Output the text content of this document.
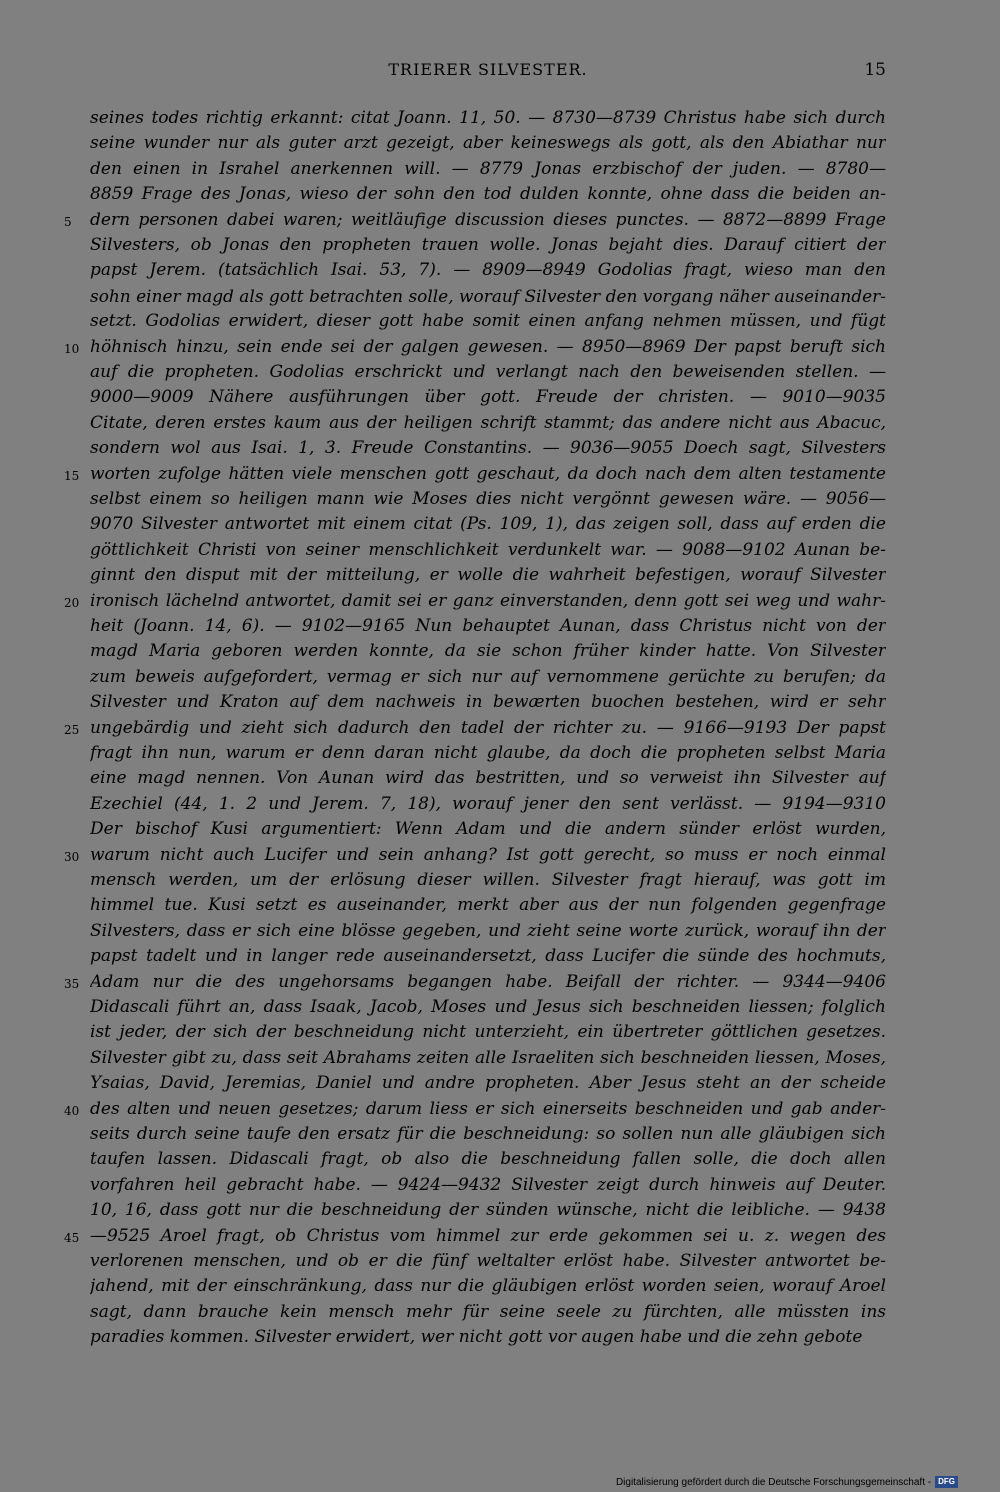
TRIERER SILVESTER.	15
seines todes richtig erkannt: citat Joann. 11, 50. — 8730—8739 Christus habe sich durch
seine wunder nur als guter arzt gezeigt, aber keineswegs als gott, als den Abiathar nur
den einen in Israhel anerkennen will. — 8779 Jonas erzbischof der juden. — 8780—
8859 Frage des Jonas, wieso der sohn den tod dulden konnte, ohne dass die beiden an-
dern personen dabei waren; weitläufige discussion dieses punctes. — 8872—8899 Frage
Silvesters, ob Jonas den propheten trauen wolle. Jonas bejaht dies. Darauf citiert der
papst Jerem. (tatsächlich Isai. 53, 7). — 8909—8949 Godolias fragt, wieso man den
sohn einer magd als gott betrachten solle, worauf Silvester den vorgang näher auseinander-
setzt. Godolias erwidert, dieser gott habe somit einen anfang nehmen müssen, und fügt
höhnisch hinzu, sein ende sei der galgen gewesen. — 8950—8969 Der papst beruft sich
auf die propheten. Godolias erschrickt und verlangt nach den beweisenden stellen. —
9000—9009 Nähere ausführungen über gott. Freude der christen. — 9010—9035
Citate, deren erstes kaum aus der heiligen schrift stammt; das andere nicht aus Abacuc,
sondern wol aus Isai. 1, 3. Freude Constantins. — 9036—9055 Doech sagt, Silvesters
worten zufolge hätten viele menschen gott geschaut, da doch nach dem alten testamente
selbst einem so heiligen mann wie Moses dies nicht vergönnt gewesen wäre. — 9056—
9070 Silvester antwortet mit einem citat (Ps. 109, 1), das zeigen soll, dass auf erden die
göttlichkeit Christi von seiner menschlichkeit verdunkelt war. — 9088—9102 Aunan be-
ginnt den disput mit der mitteilung, er wolle die wahrheit befestigen, worauf Silvester
ironisch lächelnd antwortet, damit sei er ganz einverstanden, denn gott sei weg und wahr-
heit (Joann. 14, 6). — 9102—9165 Nun behauptet Aunan, dass Christus nicht von der
magd Maria geboren werden konnte, da sie schon früher kinder hatte. Von Silvester
zum beweis aufgefordert, vermag er sich nur auf vernommene gerüchte zu berufen; da
Silvester und Kraton auf dem nachweis in bewærten buochen bestehen, wird er sehr
ungebärdig und zieht sich dadurch den tadel der richter zu. — 9166—9193 Der papst
fragt ihn nun, warum er denn daran nicht glaube, da doch die propheten selbst Maria
eine magd nennen. Von Aunan wird das bestritten, und so verweist ihn Silvester auf
Ezechiel (44, 1. 2 und Jerem. 7, 18), worauf jener den sent verlässt. — 9194—9310
Der bischof Kusi argumentiert: Wenn Adam und die andern sünder erlöst wurden,
warum nicht auch Lucifer und sein anhang? Ist gott gerecht, so muss er noch einmal
mensch werden, um der erlösung dieser willen. Silvester fragt hierauf, was gott im
himmel tue. Kusi setzt es auseinander, merkt aber aus der nun folgenden gegenfrage
Silvesters, dass er sich eine blösse gegeben, und zieht seine worte zurück, worauf ihn der
papst tadelt und in langer rede auseinandersetzt, dass Lucifer die sünde des hochmuts,
Adam nur die des ungehorsams begangen habe. Beifall der richter. — 9344—9406
Didascali führt an, dass Isaak, Jacob, Moses und Jesus sich beschneiden liessen; folglich
ist jeder, der sich der beschneidung nicht unterzieht, ein übertreter göttlichen gesetzes.
Silvester gibt zu, dass seit Abrahams zeiten alle Israeliten sich beschneiden liessen, Moses,
Ysaias, David, Jeremias, Daniel und andre propheten. Aber Jesus steht an der scheide
des alten und neuen gesetzes; darum liess er sich einerseits beschneiden und gab ander-
seits durch seine taufe den ersatz für die beschneidung: so sollen nun alle gläubigen sich
taufen lassen. Didascali fragt, ob also die beschneidung fallen solle, die doch allen
vorfahren heil gebracht habe. — 9424—9432 Silvester zeigt durch hinweis auf Deuter.
10, 16, dass gott nur die beschneidung der sünden wünsche, nicht die leibliche. — 9438
—9525 Aroel fragt, ob Christus vom himmel zur erde gekommen sei u. z. wegen des
verlorenen menschen, und ob er die fünf weltalter erlöst habe. Silvester antwortet be-
jahend, mit der einschränkung, dass nur die gläubigen erlöst worden seien, worauf Aroel
sagt, dann brauche kein mensch mehr für seine seele zu fürchten, alle müssten ins
paradies kommen. Silvester erwidert, wer nicht gott vor augen habe und die zehn gebote
5
10
15
20
25
30
35
40
45
Digitalisierung gefördert durch die Deutsche Forschungsgemeinschaft - DFG
